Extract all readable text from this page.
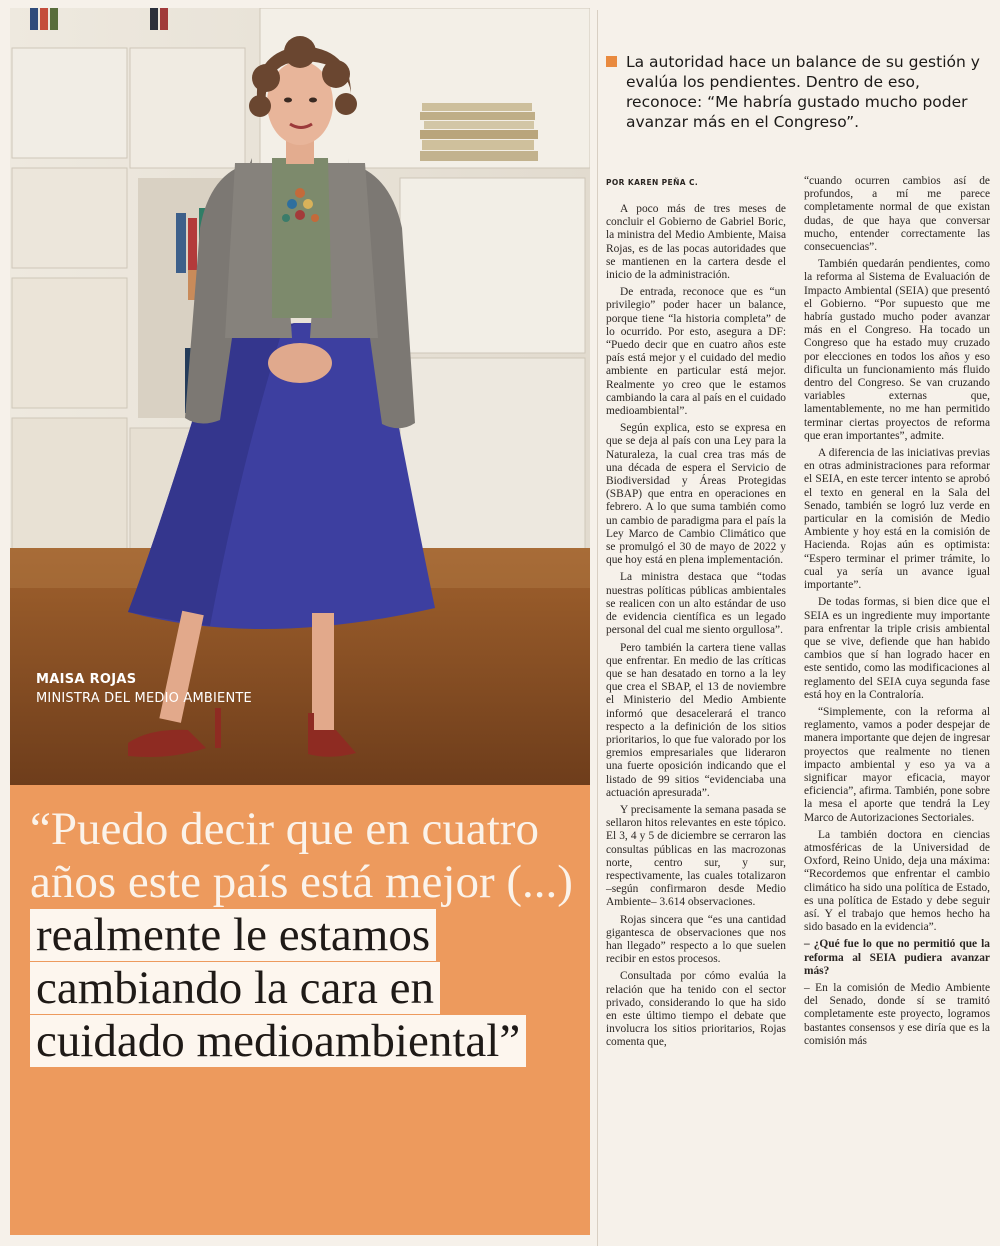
MAISA ROJAS
MINISTRA DEL MEDIO AMBIENTE
“Puedo decir que en cuatro años este país está mejor (...) realmente le estamos cambiando la cara en cuidado medioambiental”
La autoridad hace un balance de su gestión y evalúa los pendientes. Dentro de eso, reconoce: “Me habría gustado mucho poder avanzar más en el Congreso”.
POR KAREN PEÑA C.

A poco más de tres meses de concluir el Gobierno de Gabriel Boric, la ministra del Medio Ambiente, Maisa Rojas, es de las pocas autoridades que se mantienen en la cartera desde el inicio de la administración.

De entrada, reconoce que es “un privilegio” poder hacer un balance, porque tiene “la historia completa” de lo ocurrido. Por esto, asegura a DF: “Puedo decir que en cuatro años este país está mejor y el cuidado del medio ambiente en particular está mejor. Realmente yo creo que le estamos cambiando la cara al país en el cuidado medioambiental”.

Según explica, esto se expresa en que se deja al país con una Ley para la Naturaleza, la cual crea tras más de una década de espera el Servicio de Biodiversidad y Áreas Protegidas (SBAP) que entra en operaciones en febrero. A lo que suma también como un cambio de paradigma para el país la Ley Marco de Cambio Climático que se promulgó el 30 de mayo de 2022 y que hoy está en plena implementación.

La ministra destaca que “todas nuestras políticas públicas ambientales se realicen con un alto estándar de uso de evidencia científica es un legado personal del cual me siento orgullosa”.

Pero también la cartera tiene vallas que enfrentar. En medio de las críticas que se han desatado en torno a la ley que crea el SBAP, el 13 de noviembre el Ministerio del Medio Ambiente informó que desacelerará el tranco respecto a la definición de los sitios prioritarios, lo que fue valorado por los gremios empresariales que lideraron una fuerte oposición indicando que el listado de 99 sitios “evidenciaba una actuación apresurada”.

Y precisamente la semana pasada se sellaron hitos relevantes en este tópico. El 3, 4 y 5 de diciembre se cerraron las consultas públicas en las macrozonas norte, centro sur, y sur, respectivamente, las cuales totalizaron –según confirmaron desde Medio Ambiente– 3.614 observaciones.

Rojas sincera que “es una cantidad gigantesca de observaciones que nos han llegado” respecto a lo que suelen recibir en estos procesos.

Consultada por cómo evalúa la relación que ha tenido con el sector privado, considerando lo que ha sido en este último tiempo el debate que involucra los sitios prioritarios, Rojas comenta que,

“cuando ocurren cambios así de profundos, a mí me parece completamente normal de que existan dudas, de que haya que conversar mucho, entender correctamente las consecuencias”.

También quedarán pendientes, como la reforma al Sistema de Evaluación de Impacto Ambiental (SEIA) que presentó el Gobierno. “Por supuesto que me habría gustado mucho poder avanzar más en el Congreso. Ha tocado un Congreso que ha estado muy cruzado por elecciones en todos los años y eso dificulta un funcionamiento más fluido dentro del Congreso. Se van cruzando variables externas que, lamentablemente, no me han permitido terminar ciertas proyectos de reforma que eran importantes”, admite.

A diferencia de las iniciativas previas en otras administraciones para reformar el SEIA, en este tercer intento se aprobó el texto en general en la Sala del Senado, también se logró luz verde en particular en la comisión de Medio Ambiente y hoy está en la comisión de Hacienda. Rojas aún es optimista: “Espero terminar el primer trámite, lo cual ya sería un avance igual importante”.

De todas formas, si bien dice que el SEIA es un ingrediente muy importante para enfrentar la triple crisis ambiental que se vive, defiende que han habido cambios que sí han logrado hacer en este sentido, como las modificaciones al reglamento del SEIA cuya segunda fase está hoy en la Contraloría.

“Simplemente, con la reforma al reglamento, vamos a poder despejar de manera importante que dejen de ingresar proyectos que realmente no tienen impacto ambiental y eso ya va a significar mayor eficacia, mayor eficiencia”, afirma. También, pone sobre la mesa el aporte que tendrá la Ley Marco de Autorizaciones Sectoriales.

La también doctora en ciencias atmosféricas de la Universidad de Oxford, Reino Unido, deja una máxima: “Recordemos que enfrentar el cambio climático ha sido una política de Estado, es una política de Estado y debe seguir así. Y el trabajo que hemos hecho ha sido basado en la evidencia”.

– ¿Qué fue lo que no permitió que la reforma al SEIA pudiera avanzar más?

– En la comisión de Medio Ambiente del Senado, donde sí se tramitó completamente este proyecto, logramos bastantes consensos y ese diría que es la comisión más
